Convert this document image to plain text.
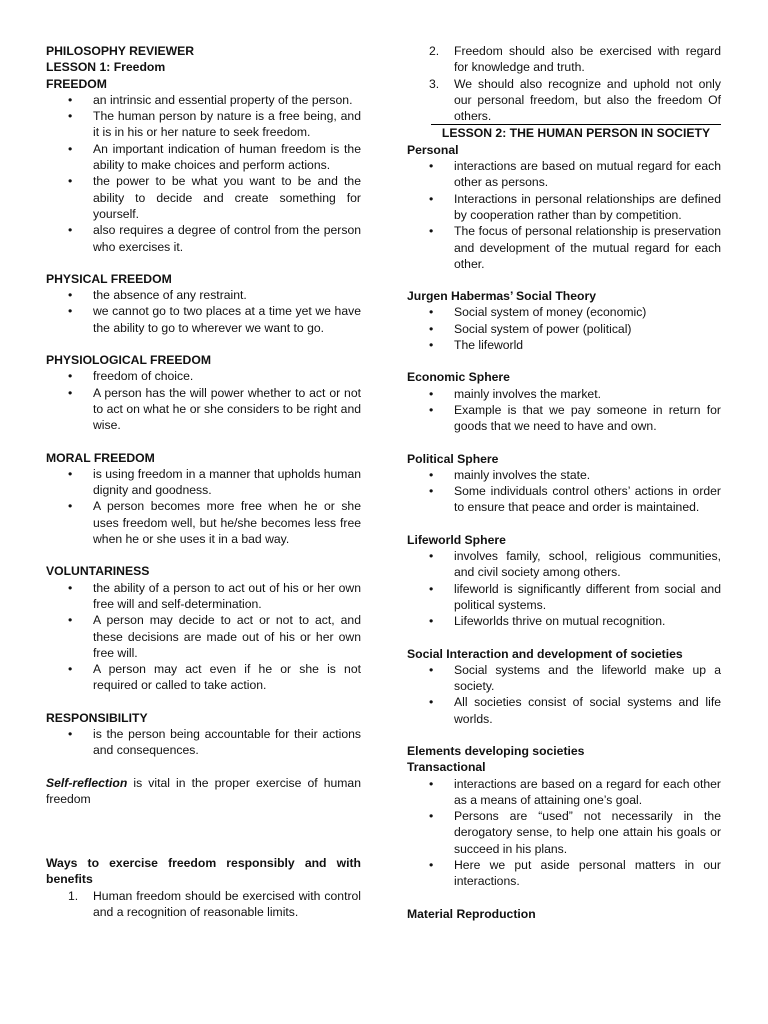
PHILOSOPHY REVIEWER
LESSON 1: Freedom
FREEDOM
• an intrinsic and essential property of the person.
• The human person by nature is a free being, and it is in his or her nature to seek freedom.
• An important indication of human freedom is the ability to make choices and perform actions.
• the power to be what you want to be and the ability to decide and create something for yourself.
• also requires a degree of control from the person who exercises it.
PHYSICAL FREEDOM
• the absence of any restraint.
• we cannot go to two places at a time yet we have the ability to go to wherever we want to go.
PHYSIOLOGICAL FREEDOM
• freedom of choice.
• A person has the will power whether to act or not to act on what he or she considers to be right and wise.
MORAL FREEDOM
• is using freedom in a manner that upholds human dignity and goodness.
• A person becomes more free when he or she uses freedom well, but he/she becomes less free when he or she uses it in a bad way.
VOLUNTARINESS
• the ability of a person to act out of his or her own free will and self-determination.
• A person may decide to act or not to act, and these decisions are made out of his or her own free will.
• A person may act even if he or she is not required or called to take action.
RESPONSIBILITY
• is the person being accountable for their actions and consequences.
Self-reflection is vital in the proper exercise of human freedom
Ways to exercise freedom responsibly and with benefits
1. Human freedom should be exercised with control and a recognition of reasonable limits.
2. Freedom should also be exercised with regard for knowledge and truth.
3. We should also recognize and uphold not only our personal freedom, but also the freedom Of others.
LESSON 2: THE HUMAN PERSON IN SOCIETY
Personal
• interactions are based on mutual regard for each other as persons.
• Interactions in personal relationships are defined by cooperation rather than by competition.
• The focus of personal relationship is preservation and development of the mutual regard for each other.
Jurgen Habermas’ Social Theory
• Social system of money (economic)
• Social system of power (political)
• The lifeworld
Economic Sphere
• mainly involves the market.
• Example is that we pay someone in return for goods that we need to have and own.
Political Sphere
• mainly involves the state.
• Some individuals control others’ actions in order to ensure that peace and order is maintained.
Lifeworld Sphere
• involves family, school, religious communities, and civil society among others.
• lifeworld is significantly different from social and political systems.
• Lifeworlds thrive on mutual recognition.
Social Interaction and development of societies
• Social systems and the lifeworld make up a society.
• All societies consist of social systems and life worlds.
Elements developing societies
Transactional
• interactions are based on a regard for each other as a means of attaining one’s goal.
• Persons are “used” not necessarily in the derogatory sense, to help one attain his goals or succeed in his plans.
• Here we put aside personal matters in our interactions.
Material Reproduction
